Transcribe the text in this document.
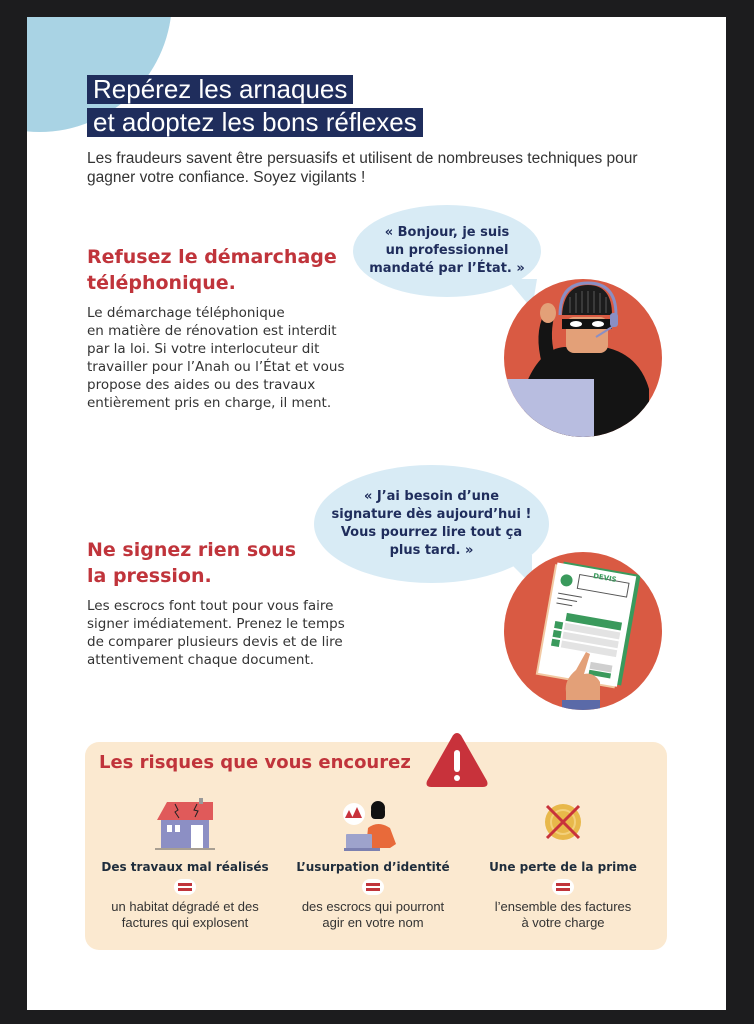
Repérez les arnaques
et adoptez les bons réflexes
Les fraudeurs savent être persuasifs et utilisent de nombreuses techniques pour gagner votre confiance. Soyez vigilants !
Refusez le démarchage
téléphonique.
Le démarchage téléphonique
en matière de rénovation est interdit
par la loi. Si votre interlocuteur dit
travailler pour l’Anah ou l’État et vous
propose des aides ou des travaux
entièrement pris en charge, il ment.
« Bonjour, je suis
un professionnel
mandaté par l’État. »
Ne signez rien sous
la pression.
Les escrocs font tout pour vous faire
signer imédiatement. Prenez le temps
de comparer plusieurs devis et de lire
attentivement chaque document.
« J’ai besoin d’une
signature dès aujourd’hui !
Vous pourrez lire tout ça
plus tard. »
DEVIS
Les risques que vous encourez
Des travaux mal réalisés
un habitat dégradé et des
factures qui explosent
L’usurpation d’identité
des escrocs qui pourront
agir en votre nom
Une perte de la prime
l’ensemble des factures
à votre charge
